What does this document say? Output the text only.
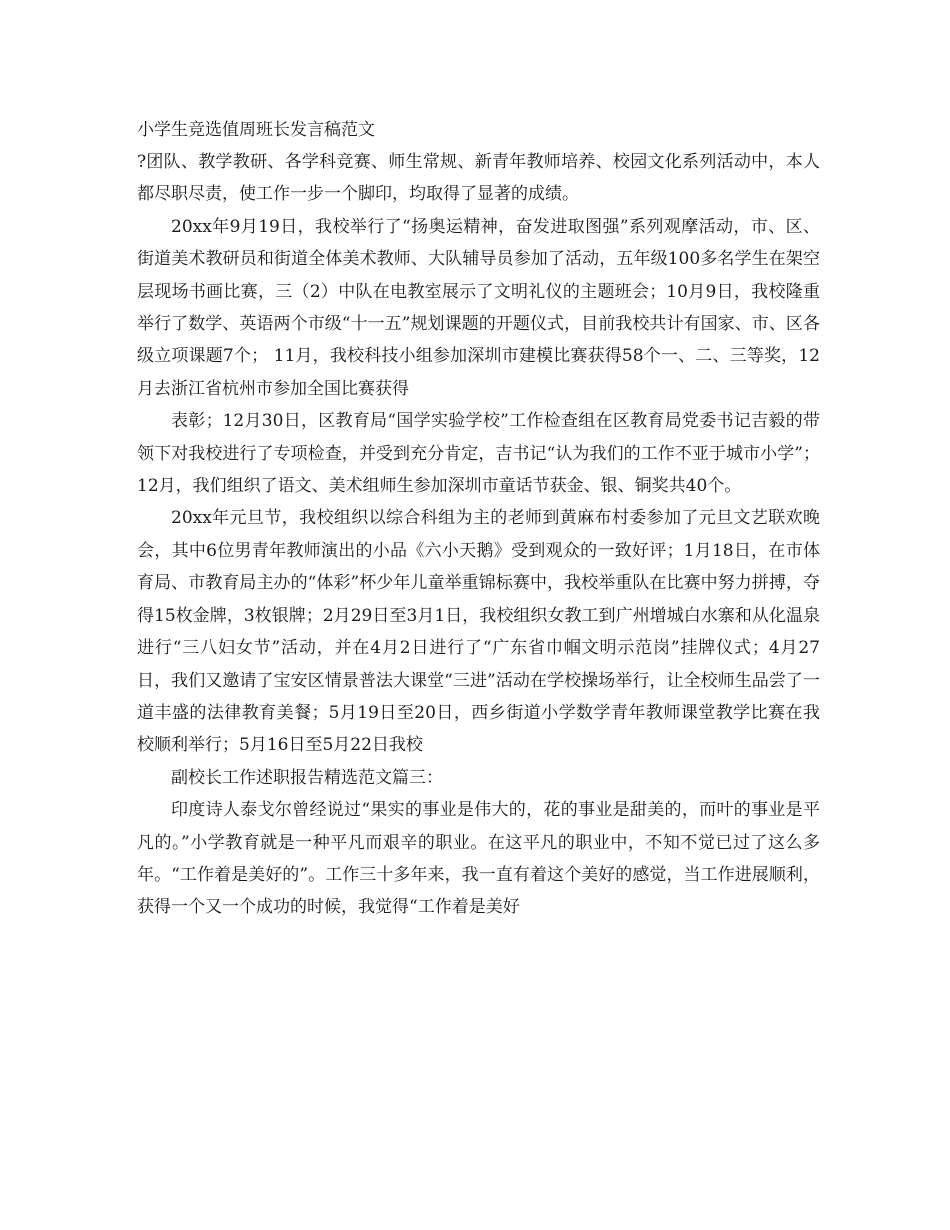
小学生竞选值周班长发言稿范文

?团队、教学教研、各学科竞赛、师生常规、新青年教师培养、校园文化系列活动中，本人都尽职尽责，使工作一步一个脚印，均取得了显著的成绩。

20xx年9月19日，我校举行了“扬奥运精神，奋发进取图强”系列观摩活动，市、区、街道美术教研员和街道全体美术教师、大队辅导员参加了活动，五年级100多名学生在架空层现场书画比赛，三（2）中队在电教室展示了文明礼仪的主题班会；10月9日，我校隆重举行了数学、英语两个市级“十一五”规划课题的开题仪式，目前我校共计有国家、市、区各级立项课题7个； 11月，我校科技小组参加深圳市建模比赛获得58个一、二、三等奖，12月去浙江省杭州市参加全国比赛获得

表彰；12月30日，区教育局“国学实验学校”工作检查组在区教育局党委书记吉毅的带领下对我校进行了专项检查，并受到充分肯定，吉书记“认为我们的工作不亚于城市小学”；12月，我们组织了语文、美术组师生参加深圳市童话节获金、银、铜奖共40个。

20xx年元旦节，我校组织以综合科组为主的老师到黄麻布村委参加了元旦文艺联欢晚会，其中6位男青年教师演出的小品《六小天鹅》受到观众的一致好评；1月18日，在市体育局、市教育局主办的“体彩”杯少年儿童举重锦标赛中，我校举重队在比赛中努力拼搏，夺得15枚金牌，3枚银牌；2月29日至3月1日，我校组织女教工到广州增城白水寨和从化温泉进行“三八妇女节”活动，并在4月2日进行了“广东省巾帼文明示范岗”挂牌仪式；4月27日，我们又邀请了宝安区情景普法大课堂“三进”活动在学校操场举行，让全校师生品尝了一道丰盛的法律教育美餐；5月19日至20日，西乡街道小学数学青年教师课堂教学比赛在我校顺利举行；5月16日至5月22日我校

副校长工作述职报告精选范文篇三：

印度诗人泰戈尔曾经说过“果实的事业是伟大的，花的事业是甜美的，而叶的事业是平凡的。”小学教育就是一种平凡而艰辛的职业。在这平凡的职业中，不知不觉已过了这么多年。“工作着是美好的”。工作三十多年来，我一直有着这个美好的感觉，当工作进展顺利，获得一个又一个成功的时候，我觉得“工作着是美好
